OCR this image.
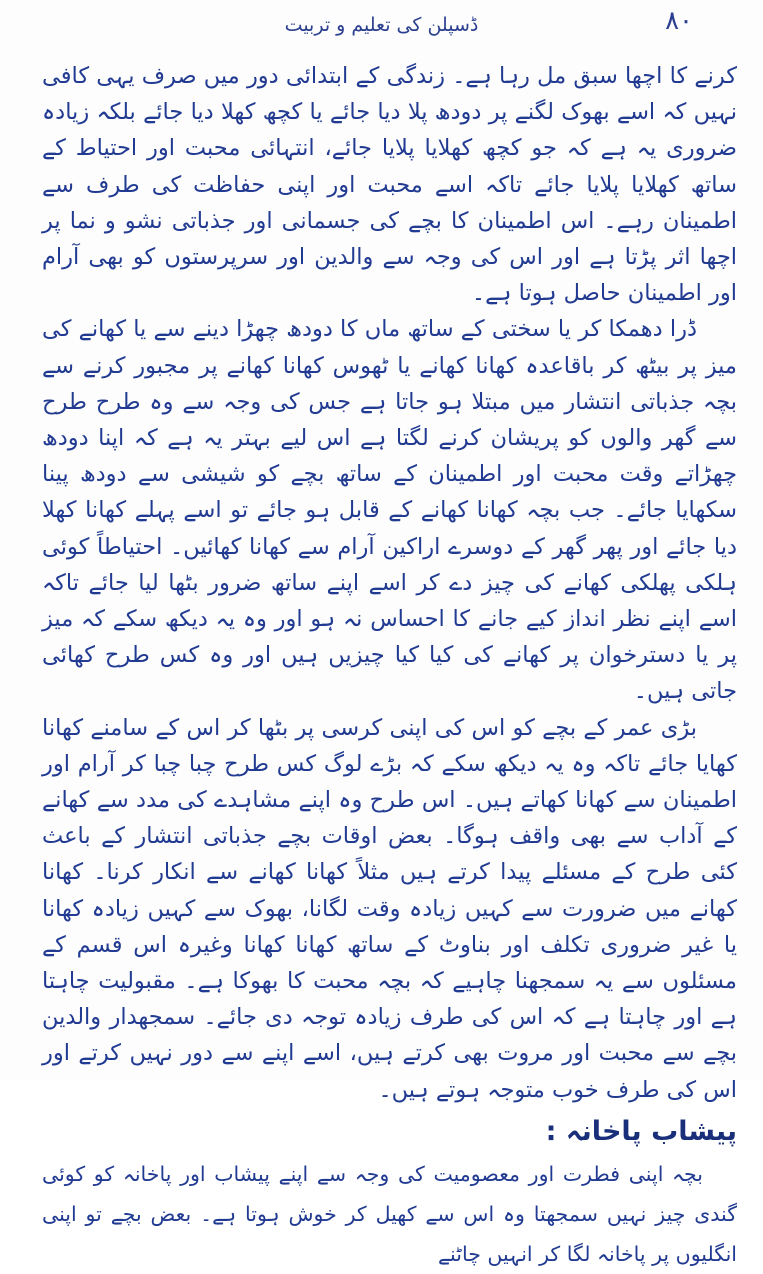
۸۰
ڈسپلن کی تعلیم و تربیت

کرنے کا اچھا سبق مل رہا ہے۔ زندگی کے ابتدائی دور میں صرف یہی کافی نہیں کہ اسے بھوک لگنے پر دودھ پلا دیا جائے یا کچھ کھلا دیا جائے بلکہ زیادہ ضروری یہ ہے کہ جو کچھ کھلایا پلایا جائے، انتہائی محبت اور احتیاط کے ساتھ کھلایا پلایا جائے تاکہ اسے محبت اور اپنی حفاظت کی طرف سے اطمینان رہے۔ اس اطمینان کا بچے کی جسمانی اور جذباتی نشو و نما پر اچھا اثر پڑتا ہے اور اس کی وجہ سے والدین اور سرپرستوں کو بھی آرام اور اطمینان حاصل ہوتا ہے۔

ڈرا دھمکا کر یا سختی کے ساتھ ماں کا دودھ چھڑا دینے سے یا کھانے کی میز پر بیٹھ کر باقاعدہ کھانا کھانے یا ٹھوس کھانا کھانے پر مجبور کرنے سے بچہ جذباتی انتشار میں مبتلا ہو جاتا ہے جس کی وجہ سے وہ طرح طرح سے گھر والوں کو پریشان کرنے لگتا ہے اس لیے بہتر یہ ہے کہ اپنا دودھ چھڑاتے وقت محبت اور اطمینان کے ساتھ بچے کو شیشی سے دودھ پینا سکھایا جائے۔ جب بچہ کھانا کھانے کے قابل ہو جائے تو اسے پہلے کھانا کھلا دیا جائے اور پھر گھر کے دوسرے اراکین آرام سے کھانا کھائیں۔ احتیاطاً کوئی ہلکی پھلکی کھانے کی چیز دے کر اسے اپنے ساتھ ضرور بٹھا لیا جائے تاکہ اسے اپنے نظر انداز کیے جانے کا احساس نہ ہو اور وہ یہ دیکھ سکے کہ میز پر یا دسترخوان پر کھانے کی کیا کیا چیزیں ہیں اور وہ کس طرح کھائی جاتی ہیں۔

بڑی عمر کے بچے کو اس کی اپنی کرسی پر بٹھا کر اس کے سامنے کھانا کھایا جائے تاکہ وہ یہ دیکھ سکے کہ بڑے لوگ کس طرح چبا چبا کر آرام اور اطمینان سے کھانا کھاتے ہیں۔ اس طرح وہ اپنے مشاہدے کی مدد سے کھانے کے آداب سے بھی واقف ہوگا۔ بعض اوقات بچے جذباتی انتشار کے باعث کئی طرح کے مسئلے پیدا کرتے ہیں مثلاً کھانا کھانے سے انکار کرنا۔ کھانا کھانے میں ضرورت سے کہیں زیادہ وقت لگانا، بھوک سے کہیں زیادہ کھانا یا غیر ضروری تکلف اور بناوٹ کے ساتھ کھانا کھانا وغیرہ اس قسم کے مسئلوں سے یہ سمجھنا چاہیے کہ بچہ محبت کا بھوکا ہے۔ مقبولیت چاہتا ہے اور چاہتا ہے کہ اس کی طرف زیادہ توجہ دی جائے۔ سمجھدار والدین بچے سے محبت اور مروت بھی کرتے ہیں، اسے اپنے سے دور نہیں کرتے اور اس کی طرف خوب متوجہ ہوتے ہیں۔

پیشاب پاخانہ :

بچہ اپنی فطرت اور معصومیت کی وجہ سے اپنے پیشاب اور پاخانہ کو کوئی گندی چیز نہیں سمجھتا وہ اس سے کھیل کر خوش ہوتا ہے۔ بعض بچے تو اپنی انگلیوں پر پاخانہ لگا کر انہیں چاٹنے
